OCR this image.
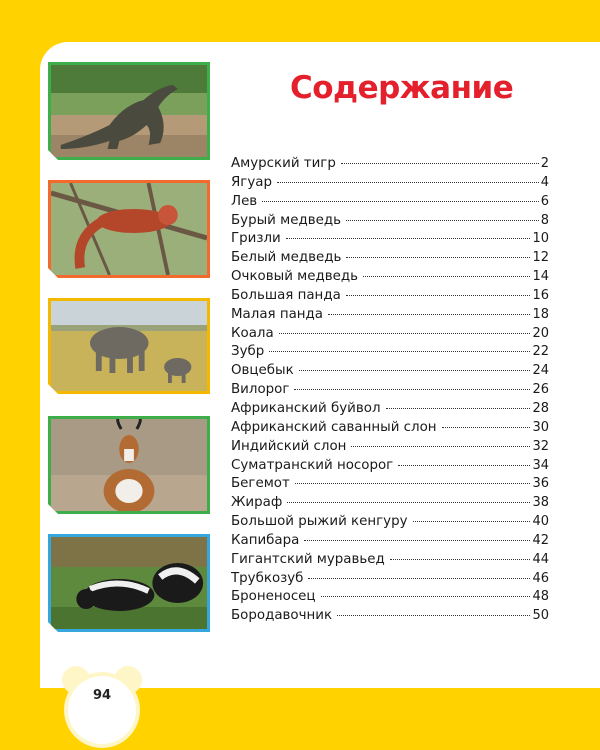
Содержание
Амурский тигр	2
Ягуар	4
Лев	6
Бурый медведь	8
Гризли	10
Белый медведь	12
Очковый медведь	14
Большая панда	16
Малая панда	18
Коала	20
Зубр	22
Овцебык	24
Вилорог	26
Африканский буйвол	28
Африканский саванный слон	30
Индийский слон	32
Суматранский носорог	34
Бегемот	36
Жираф	38
Большой рыжий кенгуру	40
Капибара	42
Гигантский муравьед	44
Трубкозуб	46
Броненосец	48
Бородавочник	50
94
